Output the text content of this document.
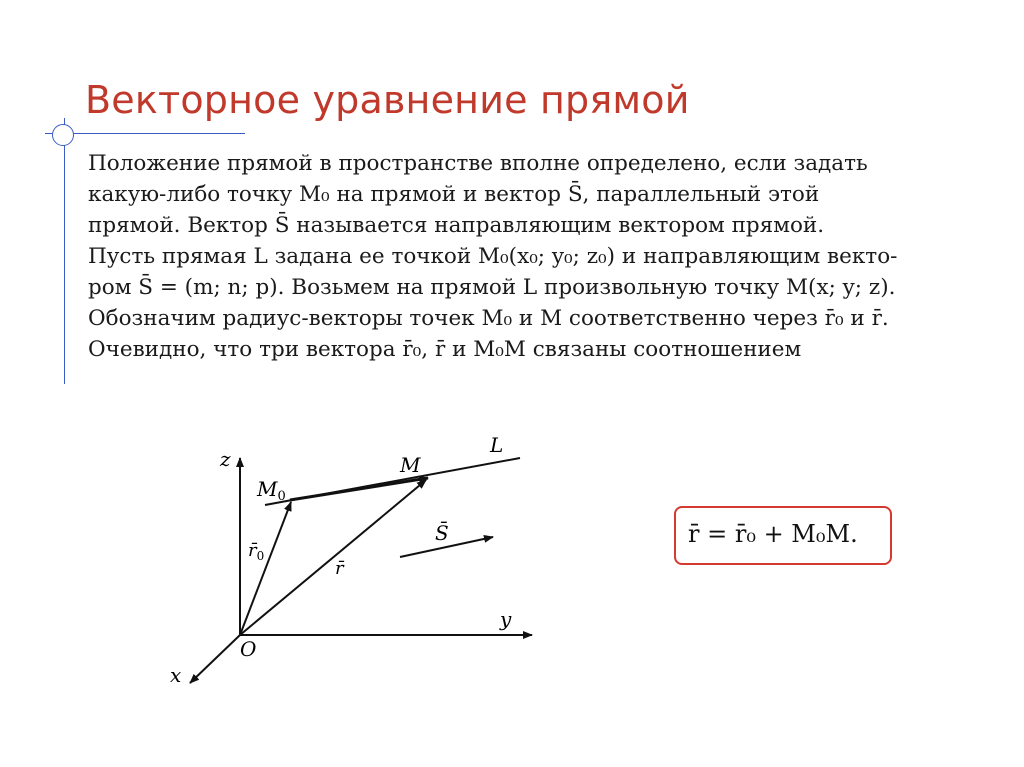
Векторное уравнение прямой
Положение прямой в пространстве вполне определено, если задать
какую-либо точку M₀ на прямой и вектор S̄, параллельный этой
прямой. Вектор S̄ называется направляющим вектором прямой.
Пусть прямая L задана ее точкой M₀(x₀; y₀; z₀) и направляющим векто-
ром S̄ = (m; n; p). Возьмем на прямой L произвольную точку M(x; y; z).
Обозначим радиус-векторы точек M₀ и M соответственно через r̄₀ и r̄.
Очевидно, что три вектора r̄₀, r̄ и M₀M связаны соотношением
z
y
x
O
L
$M_0$
M
$r̄_0$
r̄
S̄	r̄ = r̄₀ + M₀M.
